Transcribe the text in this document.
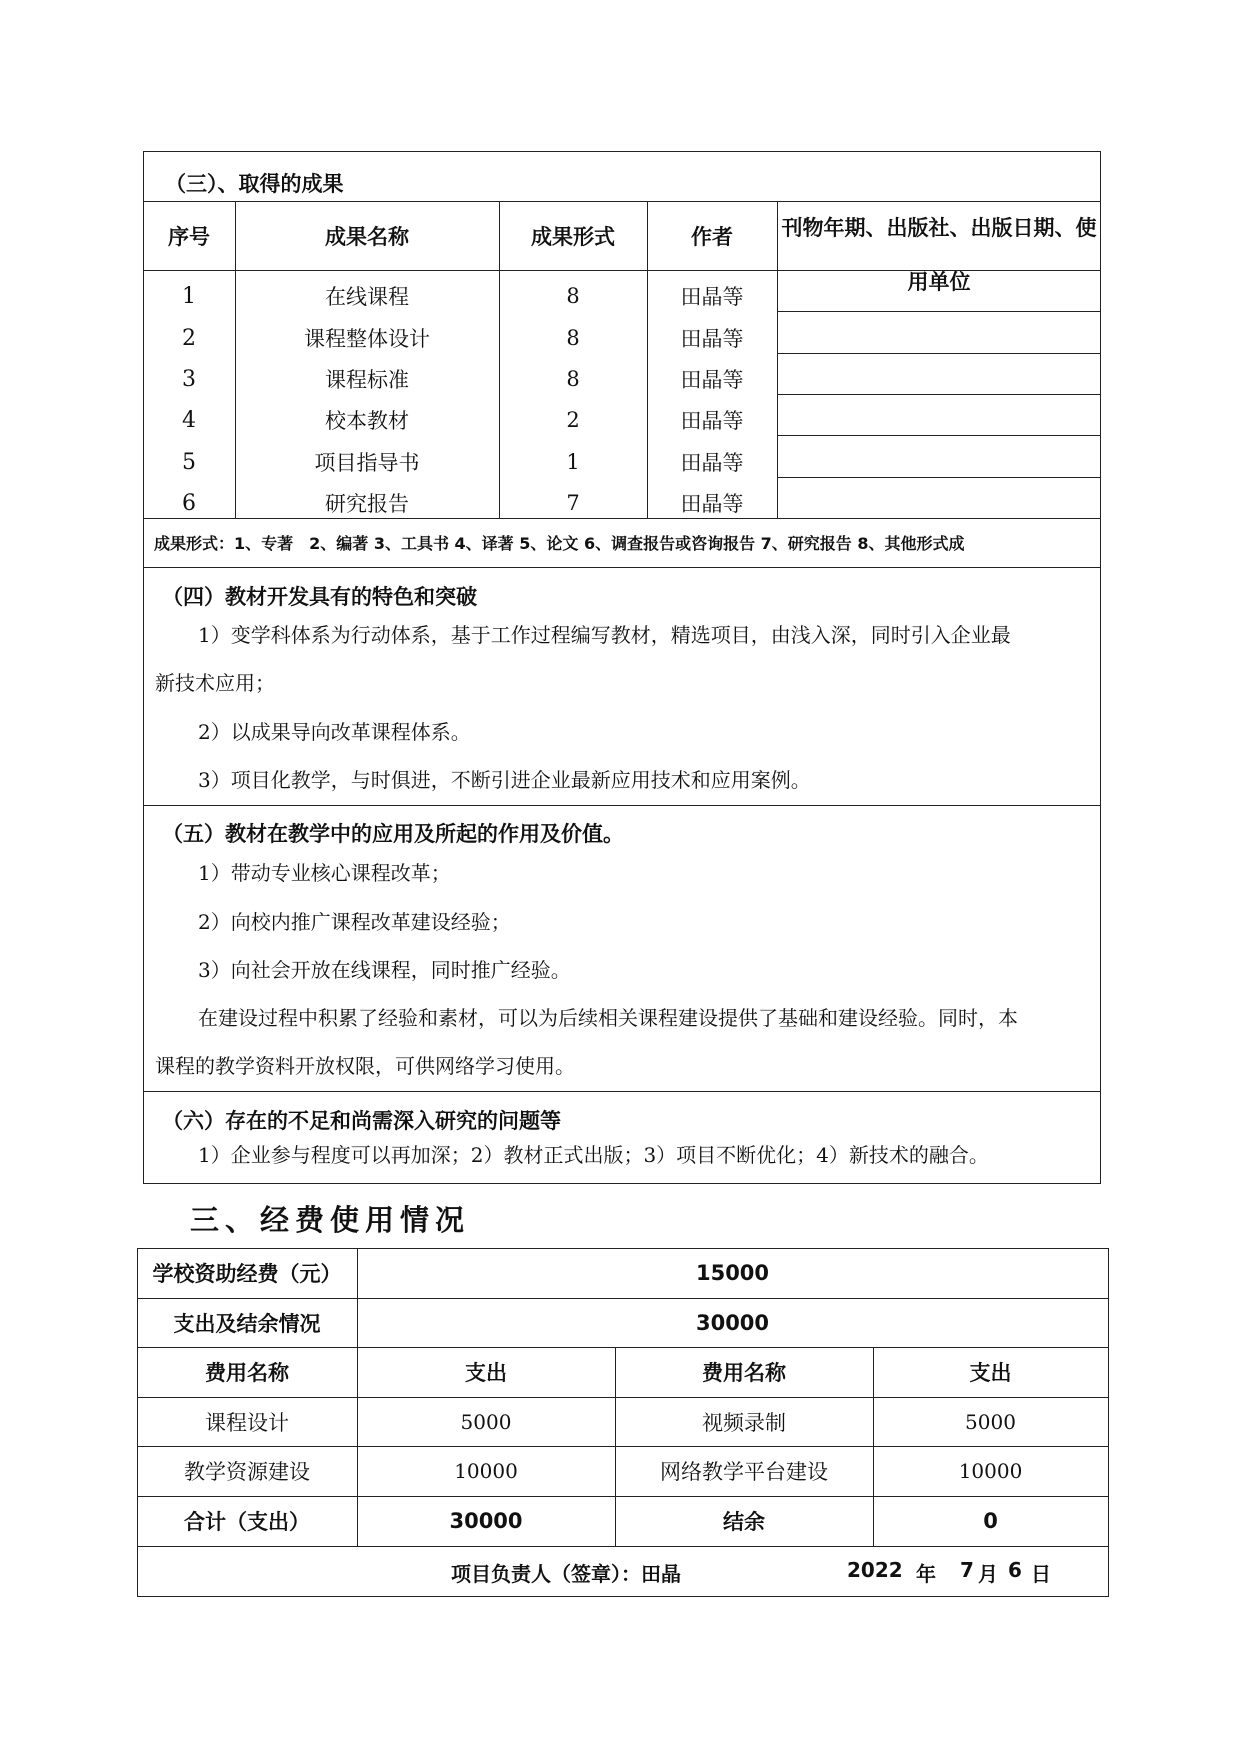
（三）、取得的成果
序号	成果名称	成果形式	作者	刊物年期、出版社、出版日期、使用单位
1	在线课程	8	田晶等
2	课程整体设计	8	田晶等
3	课程标准	8	田晶等
4	校本教材	2	田晶等
5	项目指导书	1	田晶等
6	研究报告	7	田晶等
成果形式：1、专著　2、编著 3、工具书 4、译著 5、论文 6、调查报告或咨询报告 7、研究报告 8、其他形式成
（四）教材开发具有的特色和突破
1）变学科体系为行动体系，基于工作过程编写教材，精选项目，由浅入深，同时引入企业最
新技术应用；
2）以成果导向改革课程体系。
3）项目化教学，与时俱进，不断引进企业最新应用技术和应用案例。
（五）教材在教学中的应用及所起的作用及价值。
1）带动专业核心课程改革；
2）向校内推广课程改革建设经验；
3）向社会开放在线课程，同时推广经验。
在建设过程中积累了经验和素材，可以为后续相关课程建设提供了基础和建设经验。同时，本
课程的教学资料开放权限，可供网络学习使用。
（六）存在的不足和尚需深入研究的问题等
1）企业参与程度可以再加深；2）教材正式出版；3）项目不断优化；4）新技术的融合。
三、经费使用情况
学校资助经费（元）	15000
支出及结余情况	30000
费用名称	支出	费用名称	支出
课程设计	5000	视频录制	5000
教学资源建设	10000	网络教学平台建设	10000
合计（支出）	30000	结余	0
项目负责人（签章）：田晶	2022 年 7 月 6 日
